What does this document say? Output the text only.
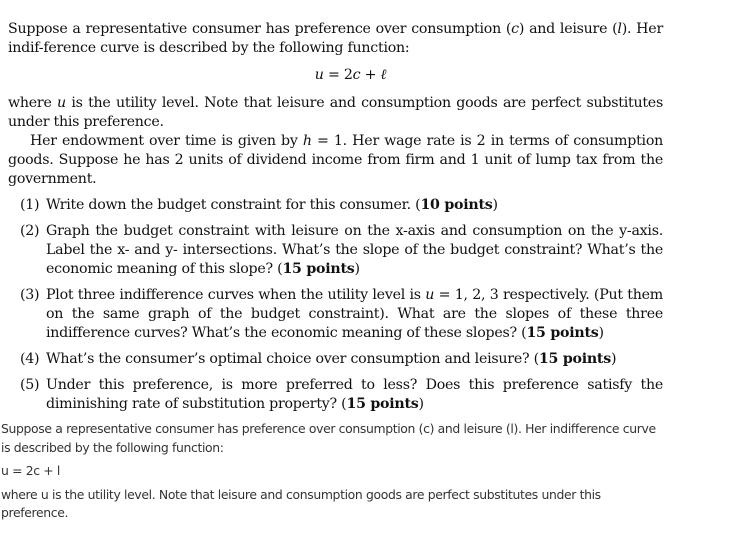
Suppose a representative consumer has preference over consumption (c) and leisure (l). Her indif-ference curve is described by the following function:

u = 2c + ℓ

where u is the utility level. Note that leisure and consumption goods are perfect substitutes under this preference.

Her endowment over time is given by h = 1. Her wage rate is 2 in terms of consumption goods. Suppose he has 2 units of dividend income from firm and 1 unit of lump tax from the government.

(1) Write down the budget constraint for this consumer. (10 points)
(2) Graph the budget constraint with leisure on the x-axis and consumption on the y-axis. Label the x- and y- intersections. What’s the slope of the budget constraint? What’s the economic meaning of this slope? (15 points)
(3) Plot three indifference curves when the utility level is u = 1, 2, 3 respectively. (Put them on the same graph of the budget constraint). What are the slopes of these three indifference curves? What’s the economic meaning of these slopes? (15 points)
(4) What’s the consumer’s optimal choice over consumption and leisure? (15 points)
(5) Under this preference, is more preferred to less? Does this preference satisfy the diminishing rate of substitution property? (15 points)

Suppose a representative consumer has preference over consumption (c) and leisure (l). Her indifference curve is described by the following function:

u = 2c + l

where u is the utility level. Note that leisure and consumption goods are perfect substitutes under this preference.
